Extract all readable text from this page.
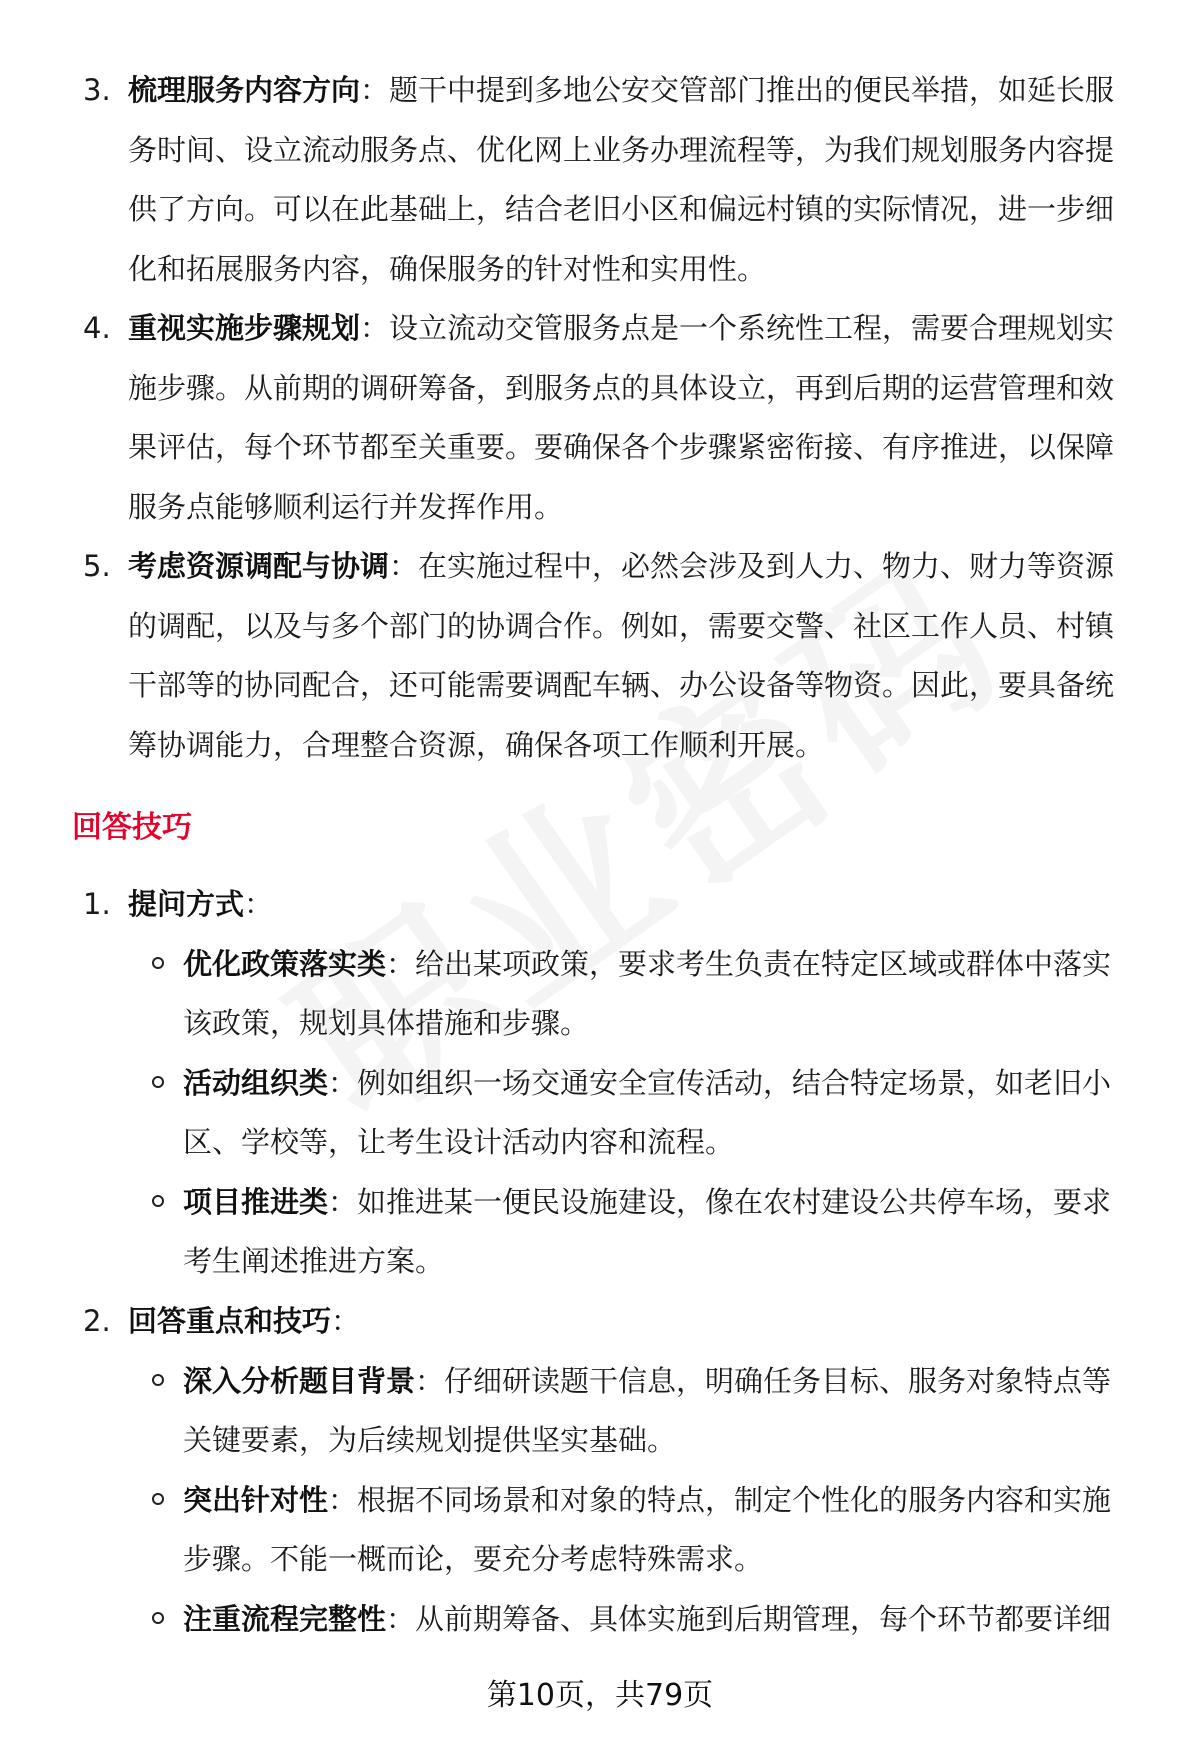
3. 梳理服务内容方向：题干中提到多地公安交管部门推出的便民举措，如延长服务时间、设立流动服务点、优化网上业务办理流程等，为我们规划服务内容提供了方向。可以在此基础上，结合老旧小区和偏远村镇的实际情况，进一步细化和拓展服务内容，确保服务的针对性和实用性。
4. 重视实施步骤规划：设立流动交管服务点是一个系统性工程，需要合理规划实施步骤。从前期的调研筹备，到服务点的具体设立，再到后期的运营管理和效果评估，每个环节都至关重要。要确保各个步骤紧密衔接、有序推进，以保障服务点能够顺利运行并发挥作用。
5. 考虑资源调配与协调：在实施过程中，必然会涉及到人力、物力、财力等资源的调配，以及与多个部门的协调合作。例如，需要交警、社区工作人员、村镇干部等的协同配合，还可能需要调配车辆、办公设备等物资。因此，要具备统筹协调能力，合理整合资源，确保各项工作顺利开展。
回答技巧
1. 提问方式：
优化政策落实类：给出某项政策，要求考生负责在特定区域或群体中落实该政策，规划具体措施和步骤。
活动组织类：例如组织一场交通安全宣传活动，结合特定场景，如老旧小区、学校等，让考生设计活动内容和流程。
项目推进类：如推进某一便民设施建设，像在农村建设公共停车场，要求考生阐述推进方案。
2. 回答重点和技巧：
深入分析题目背景：仔细研读题干信息，明确任务目标、服务对象特点等关键要素，为后续规划提供坚实基础。
突出针对性：根据不同场景和对象的特点，制定个性化的服务内容和实施步骤。不能一概而论，要充分考虑特殊需求。
注重流程完整性：从前期筹备、具体实施到后期管理，每个环节都要详细
第10页，共79页
